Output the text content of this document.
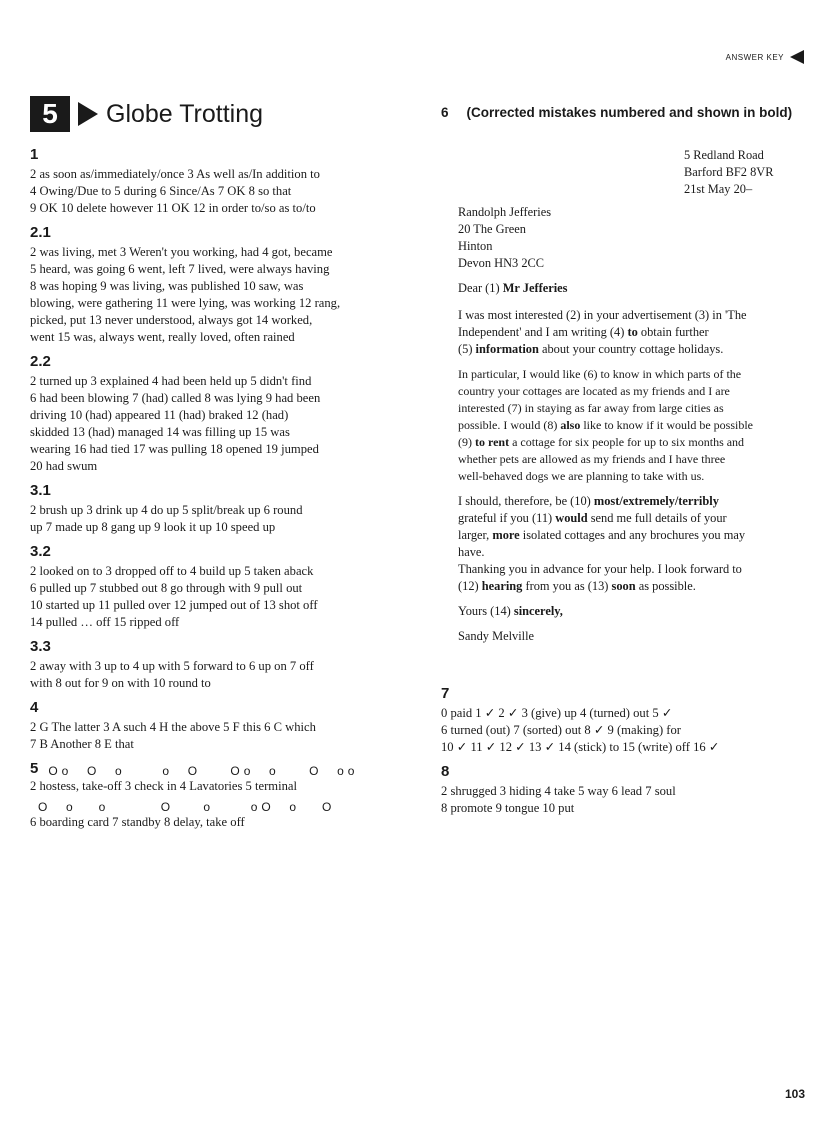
ANSWER KEY
5	Globe Trotting
1
2 as soon as/immediately/once 3 As well as/In addition to
4 Owing/Due to 5 during 6 Since/As 7 OK 8 so that
9 OK 10 delete however 11 OK 12 in order to/so as to/to
2.1
2 was living, met 3 Weren't you working, had 4 got, became
5 heard, was going 6 went, left 7 lived, were always having
8 was hoping 9 was living, was published 10 saw, was
blowing, were gathering 11 were lying, was working 12 rang,
picked, put 13 never understood, always got 14 worked,
went 15 was, always went, really loved, often rained
2.2
2 turned up 3 explained 4 had been held up 5 didn't find
6 had been blowing 7 (had) called 8 was lying 9 had been
driving 10 (had) appeared 11 (had) braked 12 (had)
skidded 13 (had) managed 14 was filling up 15 was
wearing 16 had tied 17 was pulling 18 opened 19 jumped
20 had swum
3.1
2 brush up 3 drink up 4 do up 5 split/break up 6 round
up 7 made up 8 gang up 9 look it up 10 speed up
3.2
2 looked on to 3 dropped off to 4 build up 5 taken aback
6 pulled up 7 stubbed out 8 go through with 9 pull out
10 started up 11 pulled over 12 jumped out of 13 shot off
14 pulled … off 15 ripped off
3.3
2 away with 3 up to 4 up with 5 forward to 6 up on 7 off
with 8 out for 9 on with 10 round to
4
2 G The latter 3 A such 4 H the above 5 F this 6 C which
7 B Another 8 E that
5 Oo  O  o     o  O    Oo  o    O  oo
2 hostess, take-off 3 check in 4 Lavatories 5 terminal
O  o   o       O    o     oO  o   O
6 boarding card 7 standby 8 delay, take off
6 (Corrected mistakes numbered and shown in bold)
5 Redland Road
Barford BF2 8VR
21st May 20–
Randolph Jefferies
20 The Green
Hinton
Devon HN3 2CC
Dear (1) Mr Jefferies
I was most interested (2) in your advertisement (3) in 'The
Independent' and I am writing (4) to obtain further
(5) information about your country cottage holidays.
In particular, I would like (6) to know in which parts of the
country your cottages are located as my friends and I are
interested (7) in staying as far away from large cities as
possible. I would (8) also like to know if it would be possible
(9) to rent a cottage for six people for up to six months and
whether pets are allowed as my friends and I have three
well-behaved dogs we are planning to take with us.
I should, therefore, be (10) most/extremely/terribly
grateful if you (11) would send me full details of your
larger, more isolated cottages and any brochures you may
have.
Thanking you in advance for your help. I look forward to
(12) hearing from you as (13) soon as possible.
Yours (14) sincerely,
Sandy Melville
7
0 paid 1 ✓ 2 ✓ 3 (give) up 4 (turned) out 5 ✓
6 turned (out) 7 (sorted) out 8 ✓ 9 (making) for
10 ✓ 11 ✓ 12 ✓ 13 ✓ 14 (stick) to 15 (write) off 16 ✓
8
2 shrugged 3 hiding 4 take 5 way 6 lead 7 soul
8 promote 9 tongue 10 put
103
